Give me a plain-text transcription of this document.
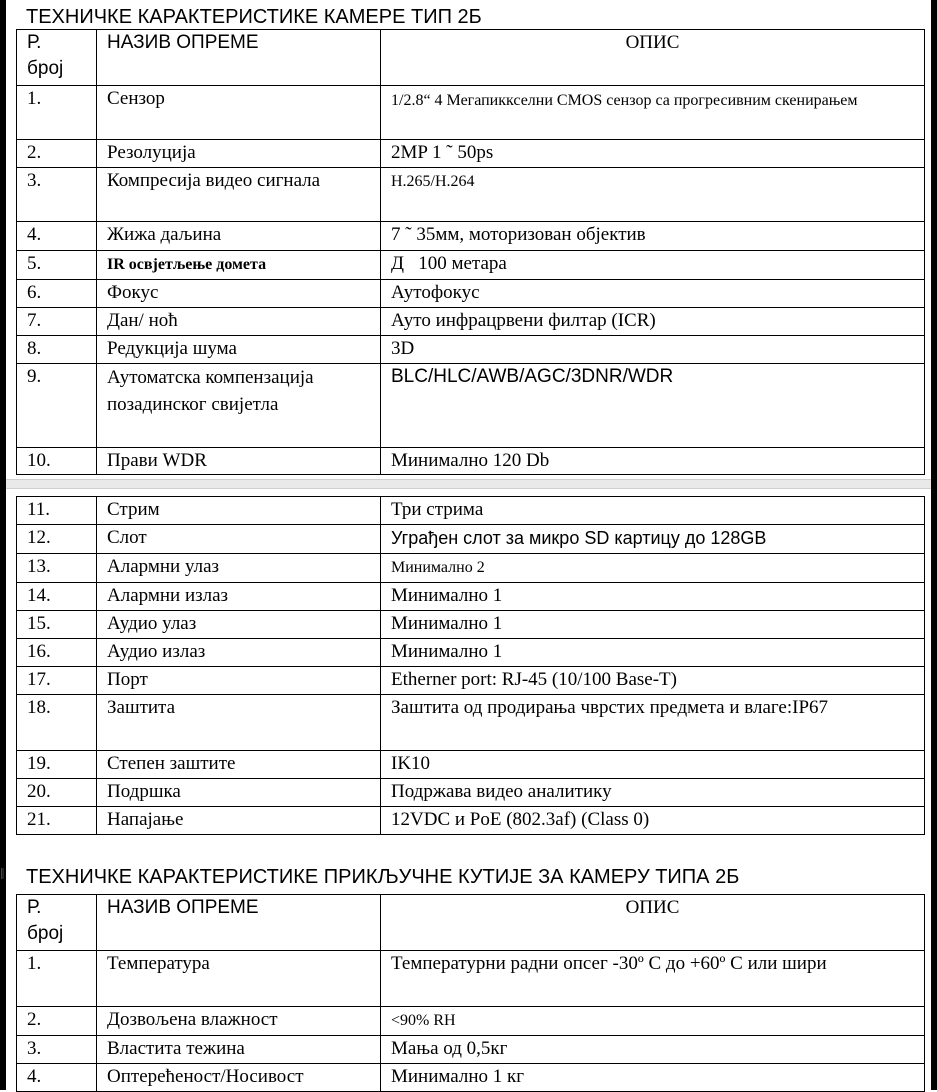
ТЕХНИЧКЕ КАРАКТЕРИСТИКЕ КАМЕРЕ ТИП 2Б
Р. број	НАЗИВ ОПРЕМЕ	ОПИС
1.	Сензор	1/2.8“ 4 Мегапиккселни CMOS сензор са прогресивним скенирањем
2.	Резолуција	2MP 1 ˜ 50ps
3.	Компресија видео сигнала	H.265/H.264
4.	Жижа даљина	7 ˜ 35мм, моторизован објектив
5.	IR освјетљење домета	Д   100 метара
6.	Фокус	Аутофокус
7.	Дан/ ноћ	Ауто инфрацрвени филтар (ICR)
8.	Редукција шума	3D
9.	Аутоматска компензација позадинског свијетла	BLC/HLC/AWB/AGC/3DNR/WDR
10.	Прави WDR	Минимално 120 Db
11.	Стрим	Три стрима
12.	Слот	Уграђен слот за микро SD картицу до 128GB
13.	Алармни улаз	Минимално 2
14.	Алармни излаз	Минимално 1
15.	Аудио улаз	Минимално 1
16.	Аудио излаз	Минимално 1
17.	Порт	Etherner port: RJ-45 (10/100 Base-T)
18.	Заштита	Заштита од продирања чврстих предмета и влаге:IP67
19.	Степен заштите	IK10
20.	Подршка	Подржава видео аналитику
21.	Напајање	12VDC и PoE (802.3af) (Class 0)
ТЕХНИЧКЕ КАРАКТЕРИСТИКЕ ПРИКЉУЧНЕ КУТИЈЕ ЗА КАМЕРУ ТИПА 2Б
Р. број	НАЗИВ ОПРЕМЕ	ОПИС
1.	Температура	Температурни радни опсег -30º C до +60º C или шири
2.	Дозвољена влажност	<90% RH
3.	Властита тежина	Мања од 0,5кг
4.	Оптерећеност/Носивост	Минимално 1 кг
‖
